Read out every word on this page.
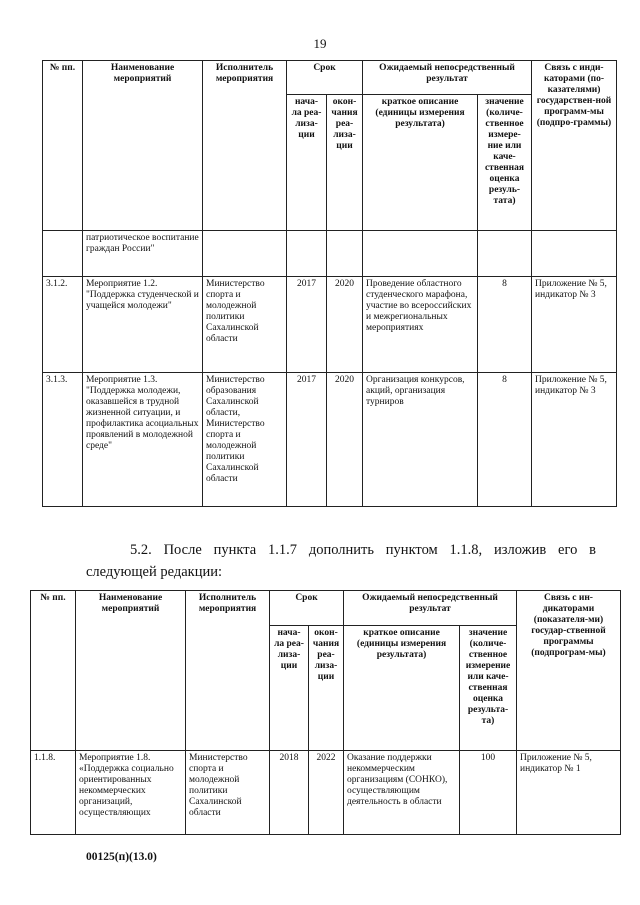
19
№ пп.	Наименование мероприятий	Исполнитель мероприятия	Срок		Ожидаемый непосредственный результат		Связь с инди-каторами (по-казателями) государствен-ной программ-мы (подпро-граммы)
			нача-ла реа-лиза-ции	окон-чания реа-лиза-ции	краткое описание (единицы измерения результата)	значение (количе-ственное измере-ние или каче-ственная оценка резуль-тата)	
	патриотическое воспитание граждан России"						
3.1.2.	Мероприятие 1.2. "Поддержка студенческой и учащейся молодежи"	Министерство спорта и молодежной политики Сахалинской области	2017	2020	Проведение областного студенческого марафона, участие во всероссийских и межрегиональных мероприятиях	8	Приложение № 5, индикатор № 3
3.1.3.	Мероприятие 1.3. "Поддержка молодежи, оказавшейся в трудной жизненной ситуации, и профилактика асоциальных проявлений в молодежной среде"	Министерство образования Сахалинской области, Министерство спорта и молодежной политики Сахалинской области	2017	2020	Организация конкурсов, акций, организация турниров	8	Приложение № 5, индикатор № 3
5.2. После пункта 1.1.7 дополнить пунктом 1.1.8, изложив его в
следующей редакции:
№ пп.	Наименование мероприятий	Исполнитель мероприятия	Срок		Ожидаемый непосредственный результат		Связь с ин-дикаторами (показателя-ми) государ-ственной программы (подпрограм-мы)
			нача-ла реа-лиза-ции	окон-чания реа-лиза-ции	краткое описание (единицы измерения результата)	значение (количе-ственное измерение или каче-ственная оценка результа-та)	
1.1.8.	Мероприятие 1.8. «Поддержка социально ориентированных некоммерческих организаций, осуществляющих	Министерство спорта и молодежной политики Сахалинской области	2018	2022	Оказание поддержки некоммерческим организациям (СОНКО), осуществляющим деятельность в области	100	Приложение № 5, индикатор № 1
00125(п)(13.0)
